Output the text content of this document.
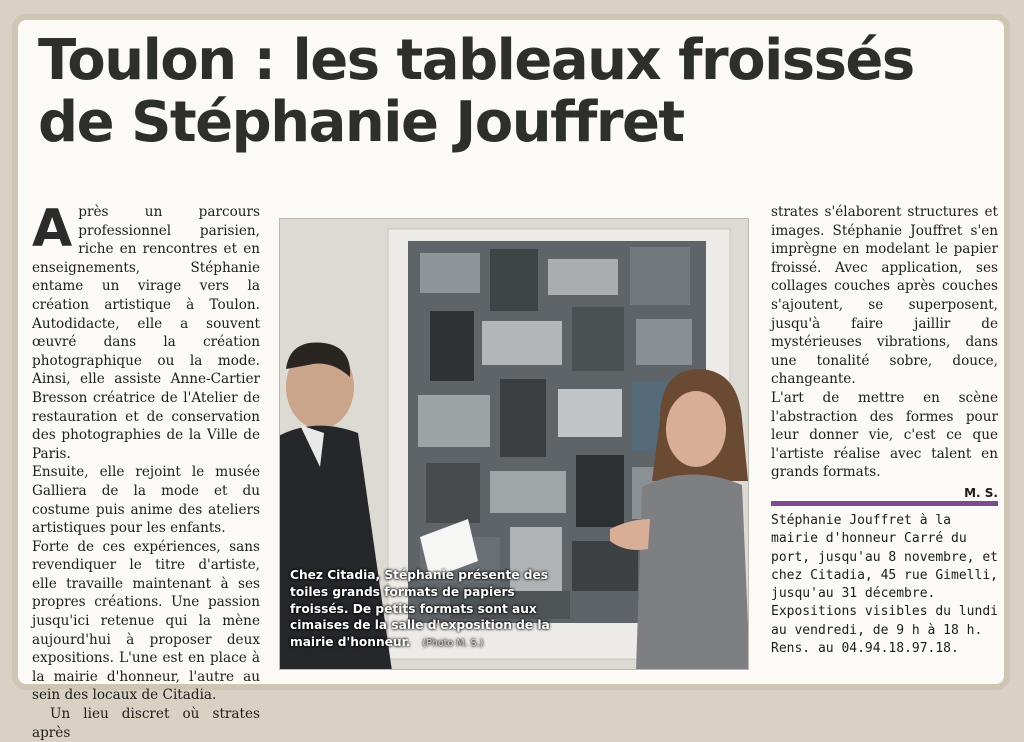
Toulon : les tableaux froissés
de Stéphanie Jouffret

Après un parcours professionnel parisien, riche en rencontres et en enseignements, Stéphanie entame un virage vers la création artistique à Toulon. Autodidacte, elle a souvent œuvré dans la création photographique ou la mode. Ainsi, elle assiste Anne-Cartier Bresson créatrice de l'Atelier de restauration et de conservation des photographies de la Ville de Paris.

Ensuite, elle rejoint le musée Galliera de la mode et du costume puis anime des ateliers artistiques pour les enfants.

Forte de ces expériences, sans revendiquer le titre d'artiste, elle travaille maintenant à ses propres créations. Une passion jusqu'ici retenue qui la mène aujourd'hui à proposer deux expositions. L'une est en place à la mairie d'honneur, l'autre au sein des locaux de Citadia.

Un lieu discret où strates après

Chez Citadia, Stéphanie présente des toiles grands formats de papiers froissés. De petits formats sont aux cimaises de la salle d'exposition de la mairie d'honneur. (Photo M. S.)

strates s'élaborent structures et images. Stéphanie Jouffret s'en imprègne en modelant le papier froissé. Avec application, ses collages couches après couches s'ajoutent, se superposent, jusqu'à faire jaillir de mystérieuses vibrations, dans une tonalité sobre, douce, changeante.

L'art de mettre en scène l'abstraction des formes pour leur donner vie, c'est ce que l'artiste réalise avec talent en grands formats.

M. S.

Stéphanie Jouffret à la mairie d'honneur Carré du port, jusqu'au 8 novembre, et chez Citadia, 45 rue Gimelli, jusqu'au 31 décembre.

Expositions visibles du lundi au vendredi, de 9 h à 18 h.

Rens. au 04.94.18.97.18.
